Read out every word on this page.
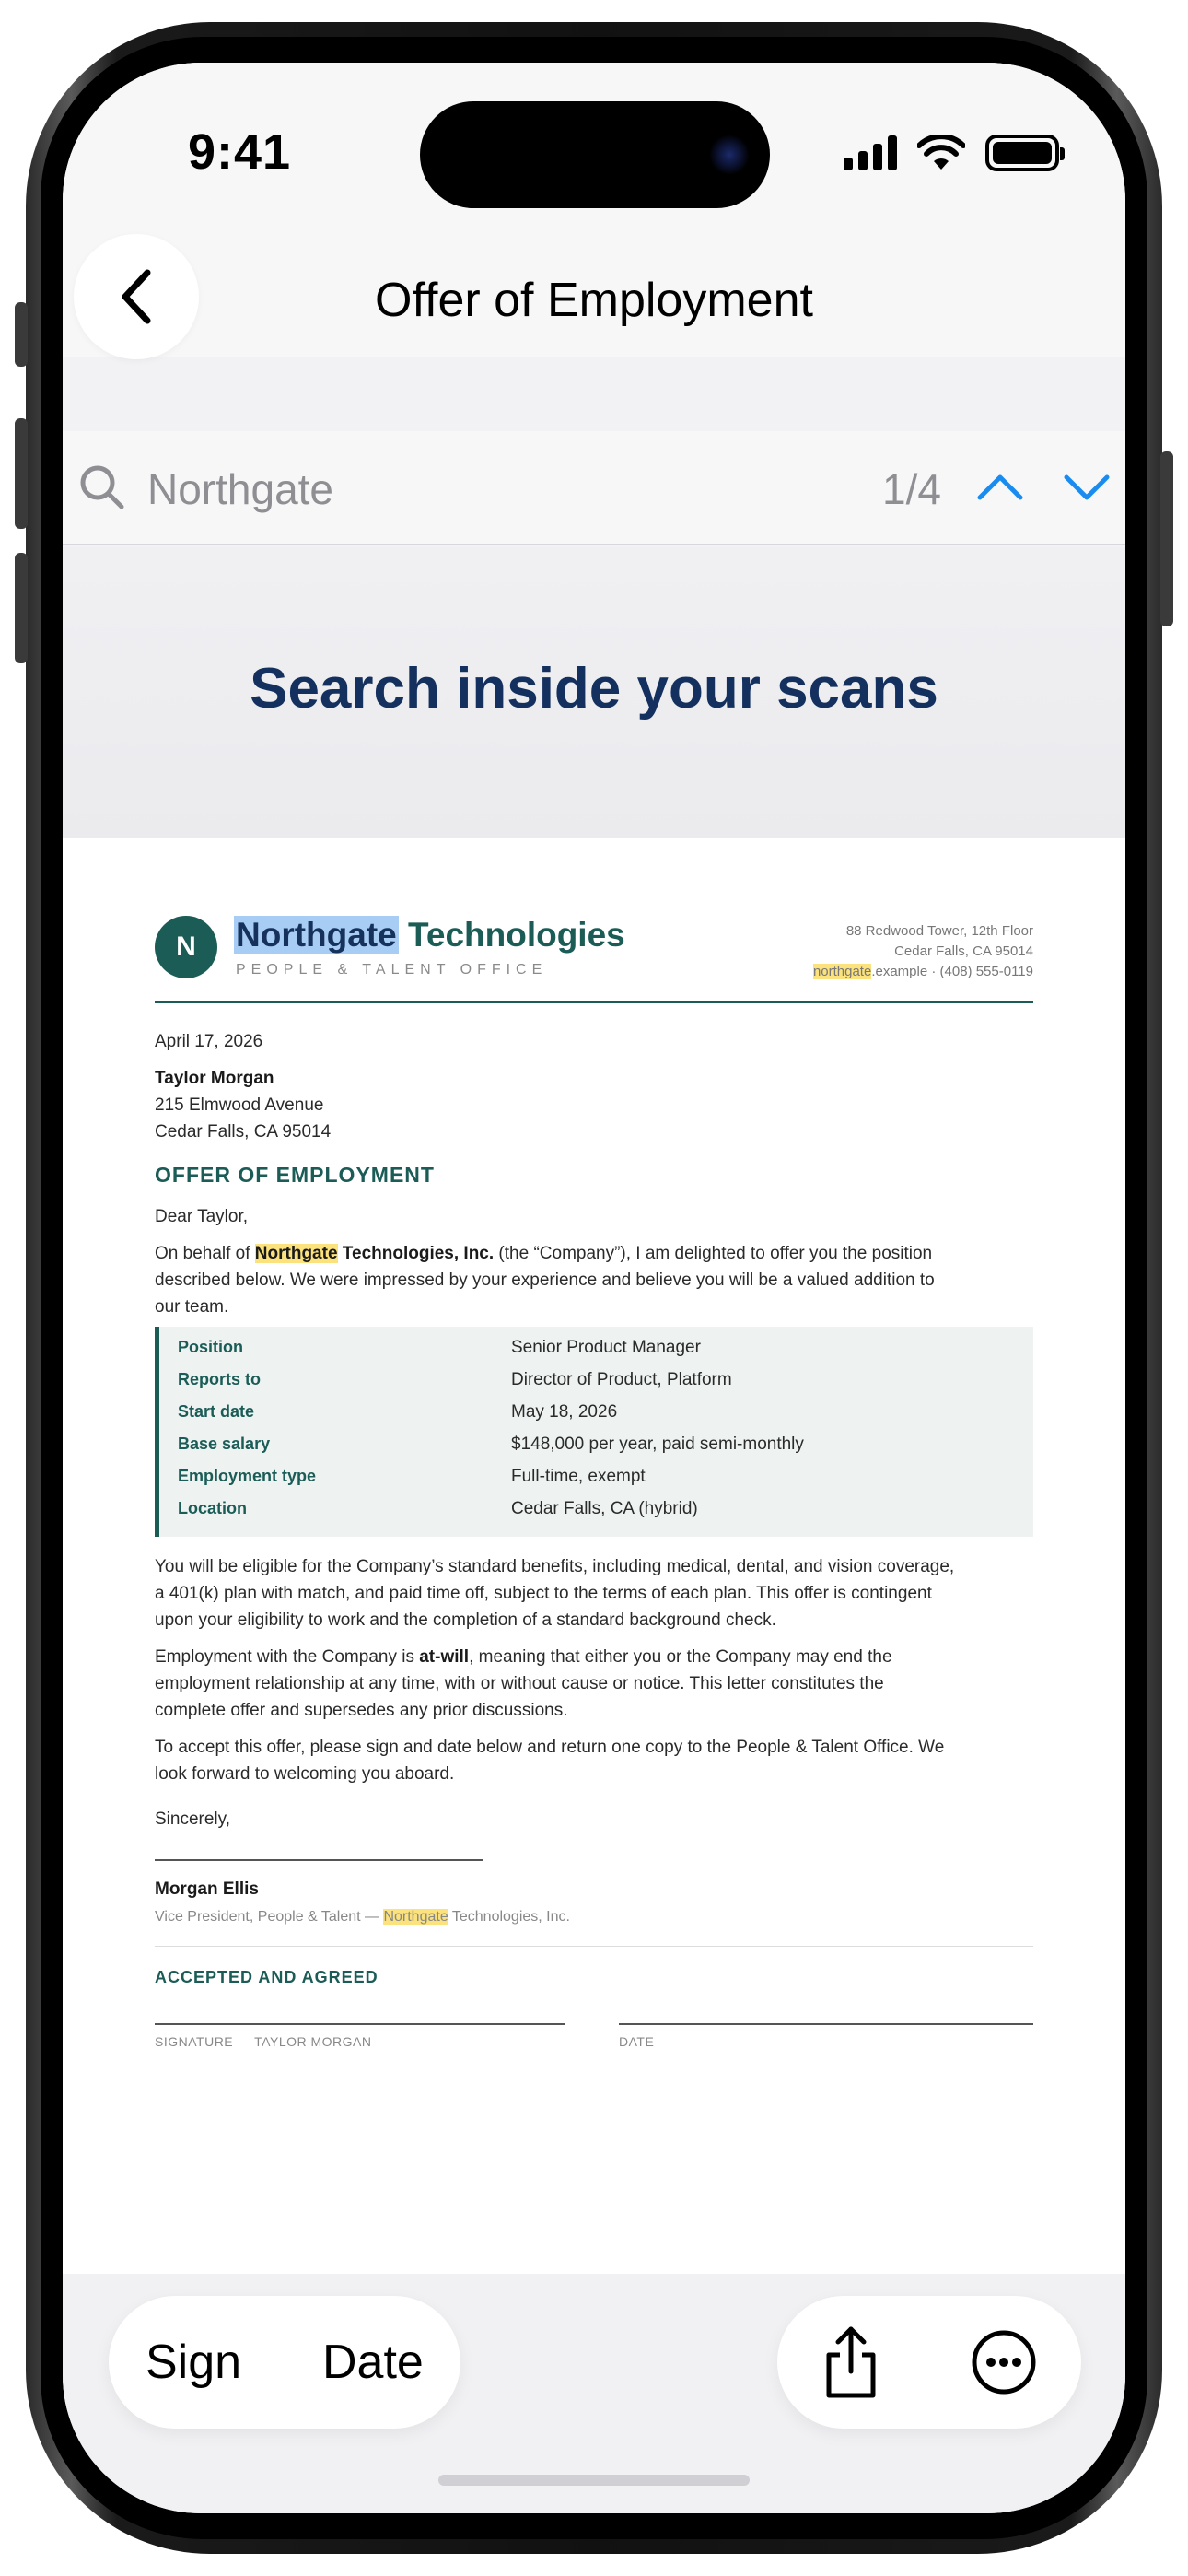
9:41
Offer of Employment
Northgate	1/4
Search inside your scans
N	Northgate Technologies
PEOPLE & TALENT OFFICE
88 Redwood Tower, 12th Floor
Cedar Falls, CA 95014
northgate.example · (408) 555-0119
April 17, 2026
Taylor Morgan
215 Elmwood Avenue
Cedar Falls, CA 95014
OFFER OF EMPLOYMENT
Dear Taylor,
On behalf of Northgate Technologies, Inc. (the “Company”), I am delighted to offer you the position
described below. We were impressed by your experience and believe you will be a valued addition to
our team.
Position	Senior Product Manager
Reports to	Director of Product, Platform
Start date	May 18, 2026
Base salary	$148,000 per year, paid semi-monthly
Employment type	Full-time, exempt
Location	Cedar Falls, CA (hybrid)
You will be eligible for the Company’s standard benefits, including medical, dental, and vision coverage,
a 401(k) plan with match, and paid time off, subject to the terms of each plan. This offer is contingent
upon your eligibility to work and the completion of a standard background check.
Employment with the Company is at-will, meaning that either you or the Company may end the
employment relationship at any time, with or without cause or notice. This letter constitutes the
complete offer and supersedes any prior discussions.
To accept this offer, please sign and date below and return one copy to the People & Talent Office. We
look forward to welcoming you aboard.
Sincerely,
Morgan Ellis
Vice President, People & Talent — Northgate Technologies, Inc.
ACCEPTED AND AGREED
SIGNATURE — TAYLOR MORGAN	DATE
Sign Date
